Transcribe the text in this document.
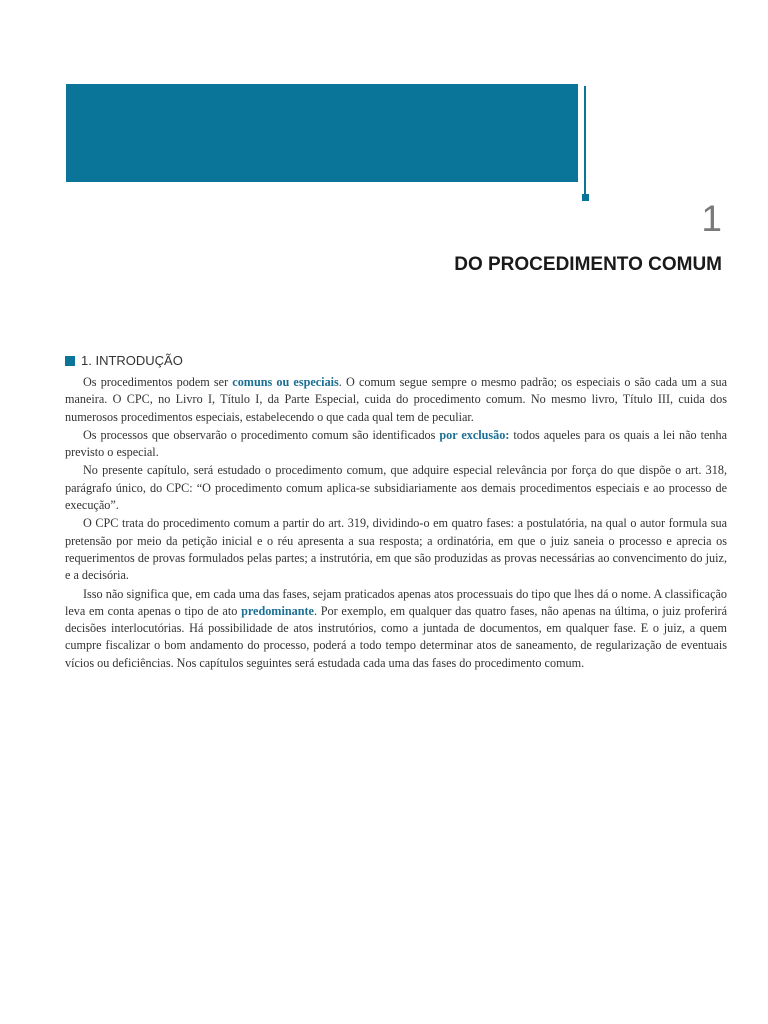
1
DO PROCEDIMENTO COMUM
1. INTRODUÇÃO

Os procedimentos podem ser comuns ou especiais. O comum segue sempre o mesmo padrão; os especiais o são cada um a sua maneira. O CPC, no Livro I, Título I, da Parte Especial, cuida do procedimento comum. No mesmo livro, Título III, cuida dos numerosos procedimentos especiais, estabelecendo o que cada qual tem de peculiar.

Os processos que observarão o procedimento comum são identificados por exclusão: todos aqueles para os quais a lei não tenha previsto o especial.

No presente capítulo, será estudado o procedimento comum, que adquire especial relevância por força do que dispõe o art. 318, parágrafo único, do CPC: “O procedimento comum aplica-se subsidiariamente aos demais procedimentos especiais e ao processo de execução”.

O CPC trata do procedimento comum a partir do art. 319, dividindo-o em quatro fases: a postulatória, na qual o autor formula sua pretensão por meio da petição inicial e o réu apresenta a sua resposta; a ordinatória, em que o juiz saneia o processo e aprecia os requerimentos de provas formulados pelas partes; a instrutória, em que são produzidas as provas necessárias ao convencimento do juiz, e a decisória.

Isso não significa que, em cada uma das fases, sejam praticados apenas atos processuais do tipo que lhes dá o nome. A classificação leva em conta apenas o tipo de ato predominante. Por exemplo, em qualquer das quatro fases, não apenas na última, o juiz proferirá decisões interlocutórias. Há possibilidade de atos instrutórios, como a juntada de documentos, em qualquer fase. E o juiz, a quem cumpre fiscalizar o bom andamento do processo, poderá a todo tempo determinar atos de saneamento, de regularização de eventuais vícios ou deficiências. Nos capítulos seguintes será estudada cada uma das fases do procedimento comum.
